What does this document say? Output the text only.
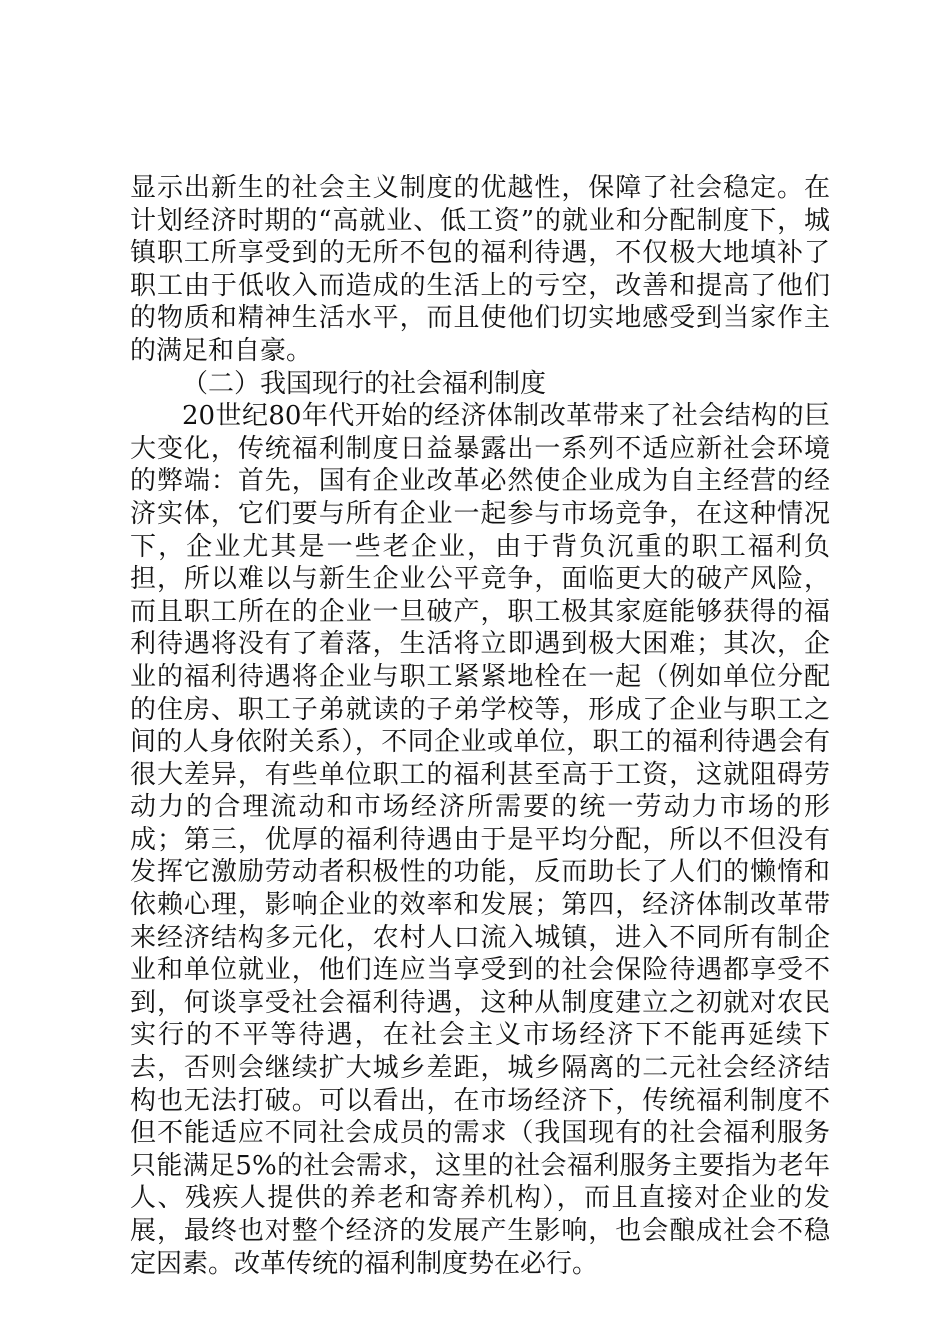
显示出新生的社会主义制度的优越性，保障了社会稳定。在计划经济时期的“高就业、低工资”的就业和分配制度下，城镇职工所享受到的无所不包的福利待遇，不仅极大地填补了职工由于低收入而造成的生活上的亏空，改善和提高了他们的物质和精神生活水平，而且使他们切实地感受到当家作主的满足和自豪。

（二）我国现行的社会福利制度

20世纪80年代开始的经济体制改革带来了社会结构的巨大变化，传统福利制度日益暴露出一系列不适应新社会环境的弊端：首先，国有企业改革必然使企业成为自主经营的经济实体，它们要与所有企业一起参与市场竞争，在这种情况下，企业尤其是一些老企业，由于背负沉重的职工福利负担，所以难以与新生企业公平竞争，面临更大的破产风险，而且职工所在的企业一旦破产，职工极其家庭能够获得的福利待遇将没有了着落，生活将立即遇到极大困难；其次，企业的福利待遇将企业与职工紧紧地栓在一起（例如单位分配的住房、职工子弟就读的子弟学校等，形成了企业与职工之间的人身依附关系），不同企业或单位，职工的福利待遇会有很大差异，有些单位职工的福利甚至高于工资，这就阻碍劳动力的合理流动和市场经济所需要的统一劳动力市场的形成；第三，优厚的福利待遇由于是平均分配，所以不但没有发挥它激励劳动者积极性的功能，反而助长了人们的懒惰和依赖心理，影响企业的效率和发展；第四，经济体制改革带来经济结构多元化，农村人口流入城镇，进入不同所有制企业和单位就业，他们连应当享受到的社会保险待遇都享受不到，何谈享受社会福利待遇，这种从制度建立之初就对农民实行的不平等待遇，在社会主义市场经济下不能再延续下去，否则会继续扩大城乡差距，城乡隔离的二元社会经济结构也无法打破。可以看出，在市场经济下，传统福利制度不但不能适应不同社会成员的需求（我国现有的社会福利服务只能满足5%的社会需求，这里的社会福利服务主要指为老年人、残疾人提供的养老和寄养机构），而且直接对企业的发展，最终也对整个经济的发展产生影响，也会酿成社会不稳定因素。改革传统的福利制度势在必行。
